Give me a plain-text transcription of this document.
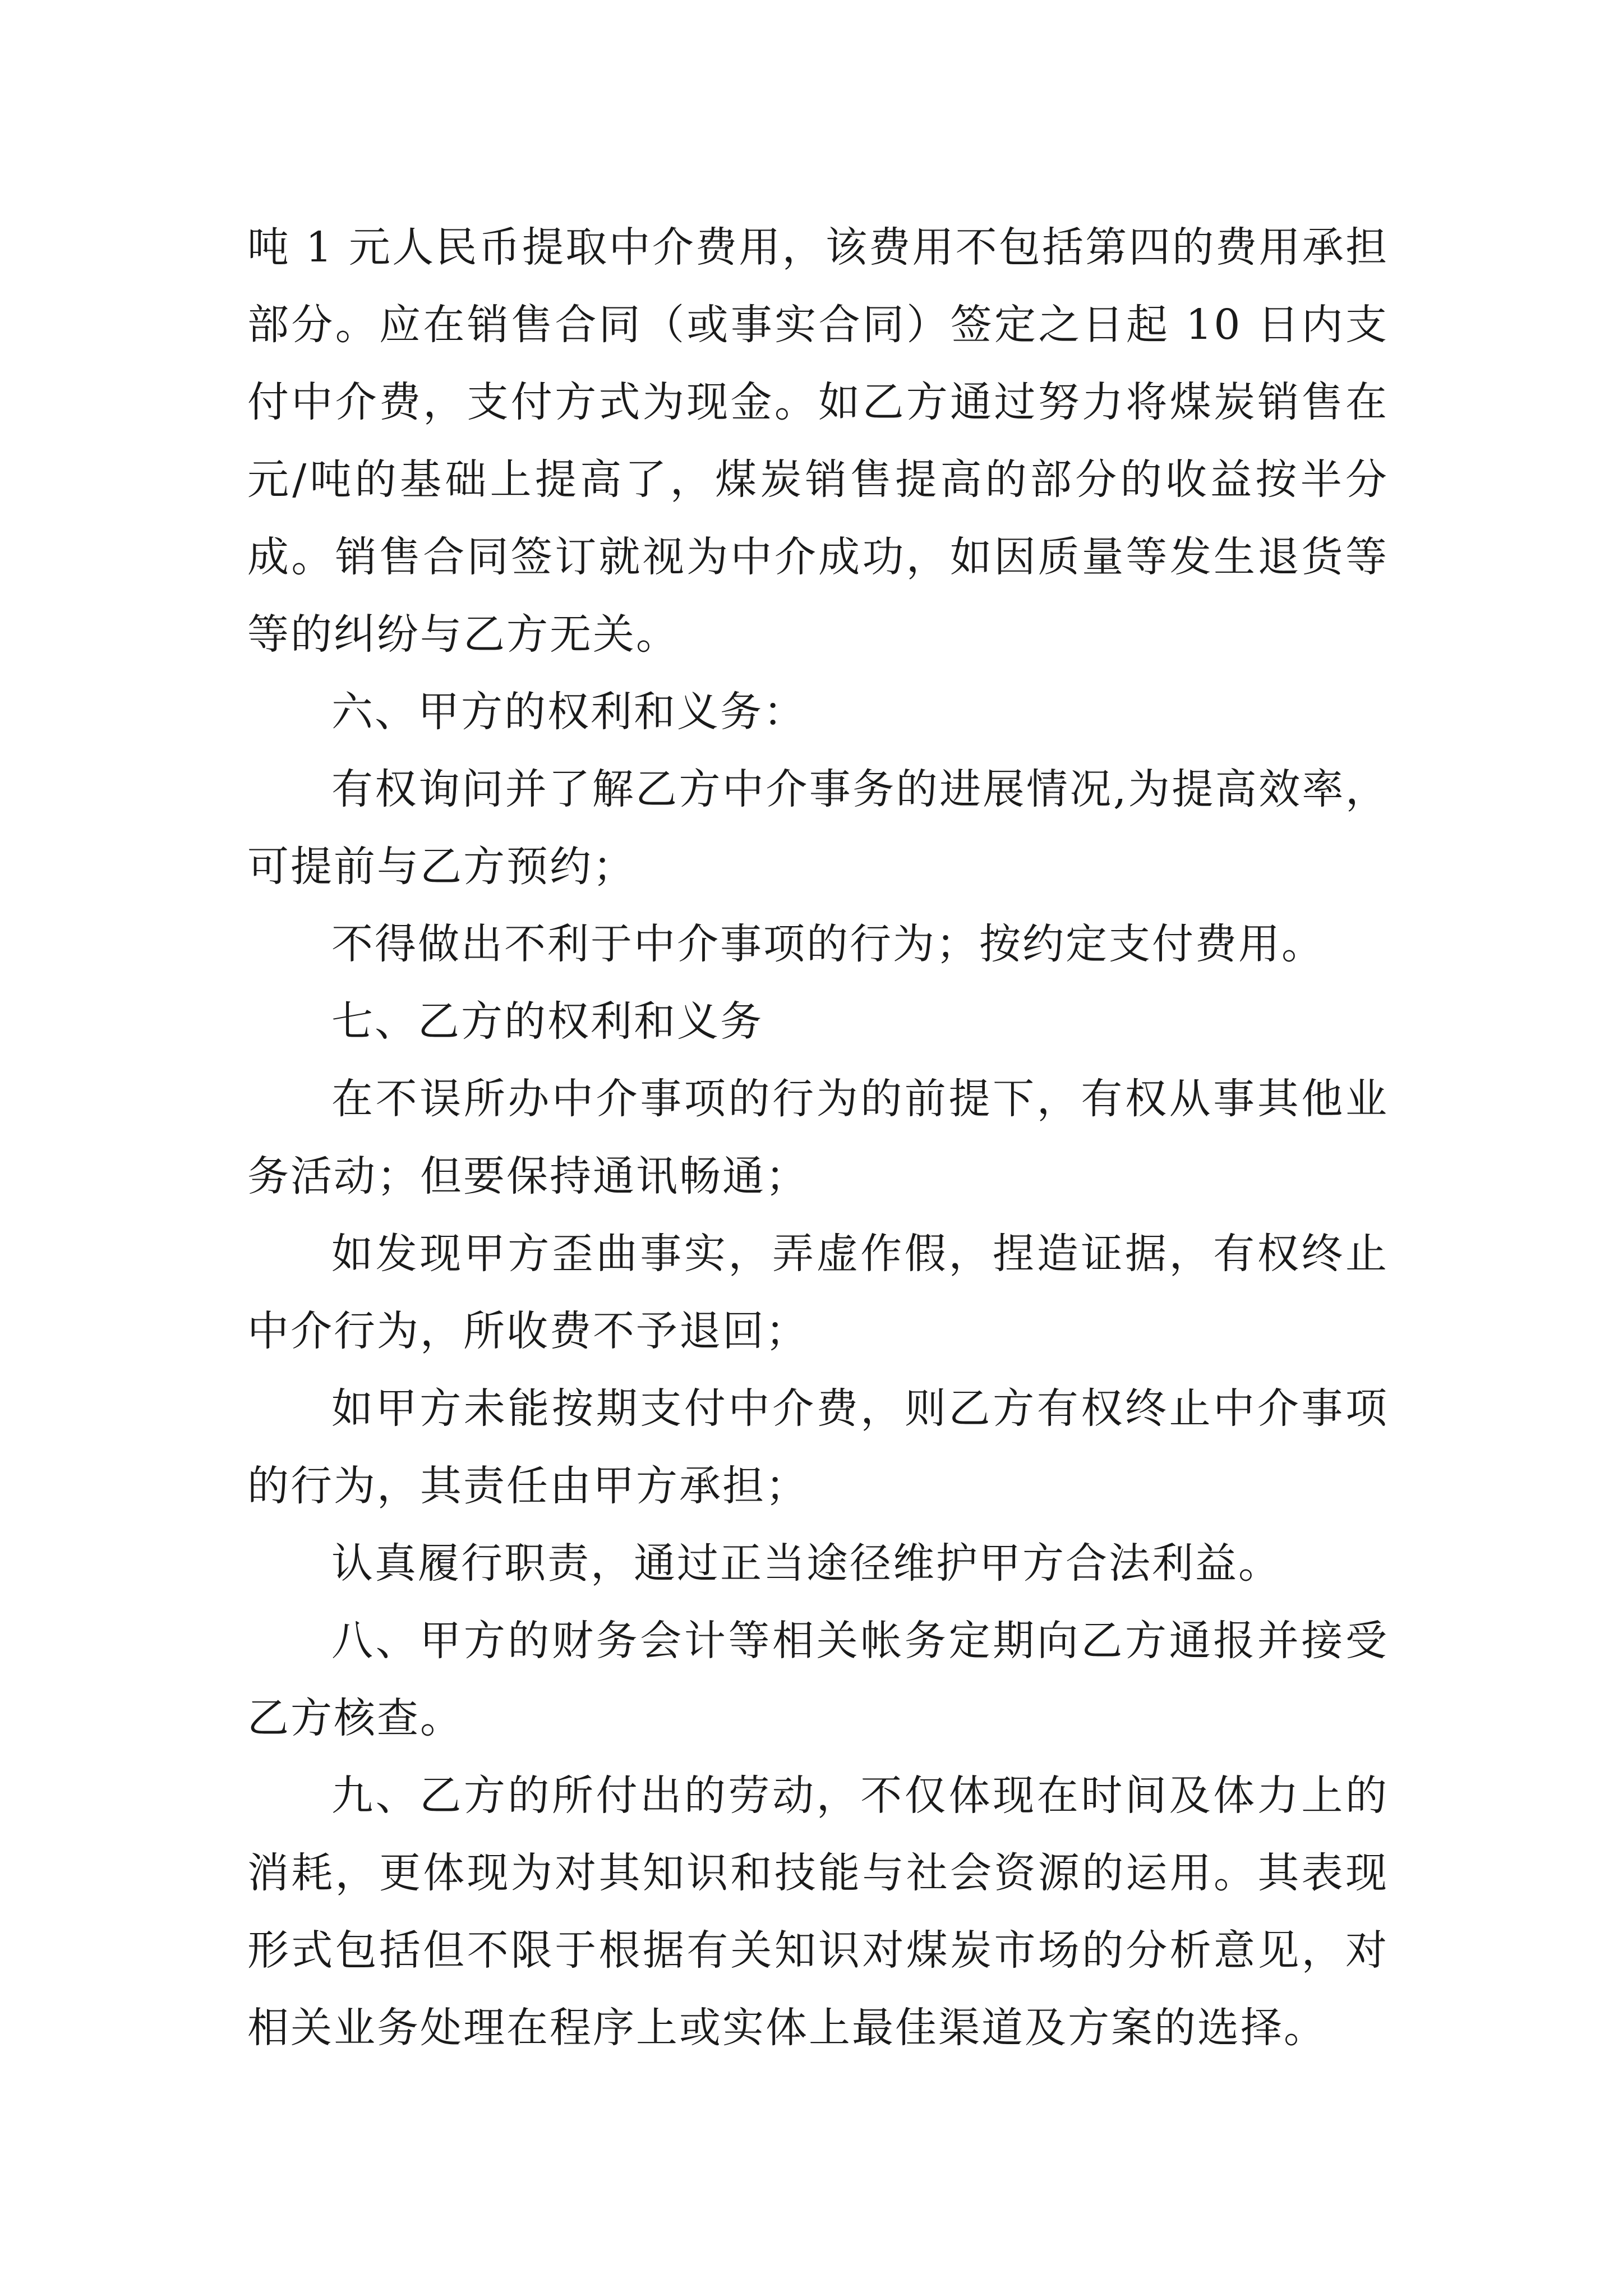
吨 1 元人民币提取中介费用，该费用不包括第四的费用承担部分。应在销售合同（或事实合同）签定之日起 10 日内支付中介费，支付方式为现金。如乙方通过努力将煤炭销售在元/吨的基础上提高了，煤炭销售提高的部分的收益按半分成。销售合同签订就视为中介成功，如因质量等发生退货等等的纠纷与乙方无关。

六、甲方的权利和义务：

有权询问并了解乙方中介事务的进展情况,为提高效率，可提前与乙方预约；

不得做出不利于中介事项的行为；按约定支付费用。

七、乙方的权利和义务

在不误所办中介事项的行为的前提下，有权从事其他业务活动；但要保持通讯畅通；

如发现甲方歪曲事实，弄虚作假，捏造证据，有权终止中介行为，所收费不予退回；

如甲方未能按期支付中介费，则乙方有权终止中介事项的行为，其责任由甲方承担；

认真履行职责，通过正当途径维护甲方合法利益。

八、甲方的财务会计等相关帐务定期向乙方通报并接受乙方核查。

九、乙方的所付出的劳动，不仅体现在时间及体力上的消耗，更体现为对其知识和技能与社会资源的运用。其表现形式包括但不限于根据有关知识对煤炭市场的分析意见，对相关业务处理在程序上或实体上最佳渠道及方案的选择。
